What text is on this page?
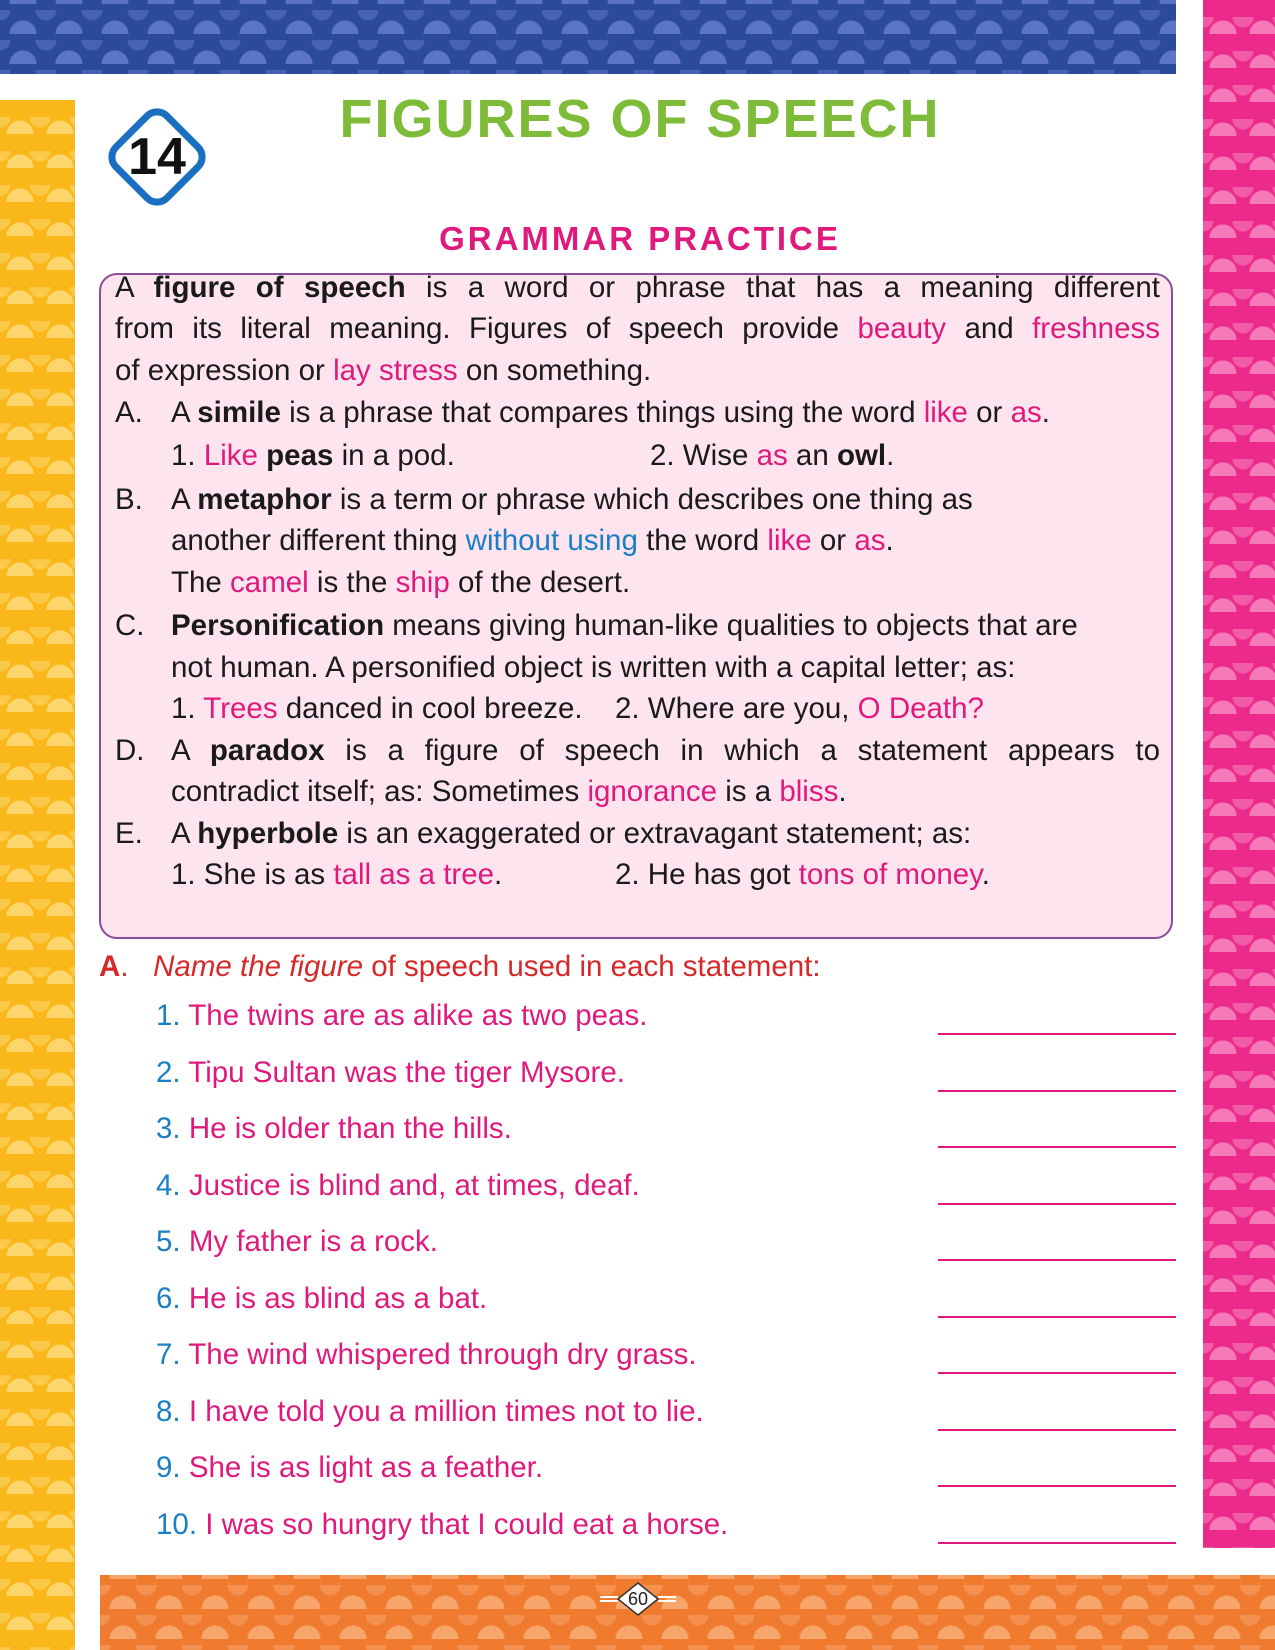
14
FIGURES OF SPEECH
GRAMMAR PRACTICE
A figure of speech is a word or phrase that has a meaning different
from its literal meaning. Figures of speech provide beauty and freshness
of expression or lay stress on something.
A. A simile is a phrase that compares things using the word like or as.
1. Like peas in a pod.	2. Wise as an owl.
B. A metaphor is a term or phrase which describes one thing as
another different thing without using the word like or as.
The camel is the ship of the desert.
C. Personification means giving human-like qualities to objects that are
not human. A personified object is written with a capital letter; as:
1. Trees danced in cool breeze. 2. Where are you, O Death?
D. A paradox is a figure of speech in which a statement appears to
contradict itself; as: Sometimes ignorance is a bliss.
E. A hyperbole is an exaggerated or extravagant statement; as:
1. She is as tall as a tree.	2. He has got tons of money.
A. Name the figure of speech used in each statement:
1. The twins are as alike as two peas.
2. Tipu Sultan was the tiger Mysore.
3. He is older than the hills.
4. Justice is blind and, at times, deaf.
5. My father is a rock.
6. He is as blind as a bat.
7. The wind whispered through dry grass.
8. I have told you a million times not to lie.
9. She is as light as a feather.
10. I was so hungry that I could eat a horse.
60
